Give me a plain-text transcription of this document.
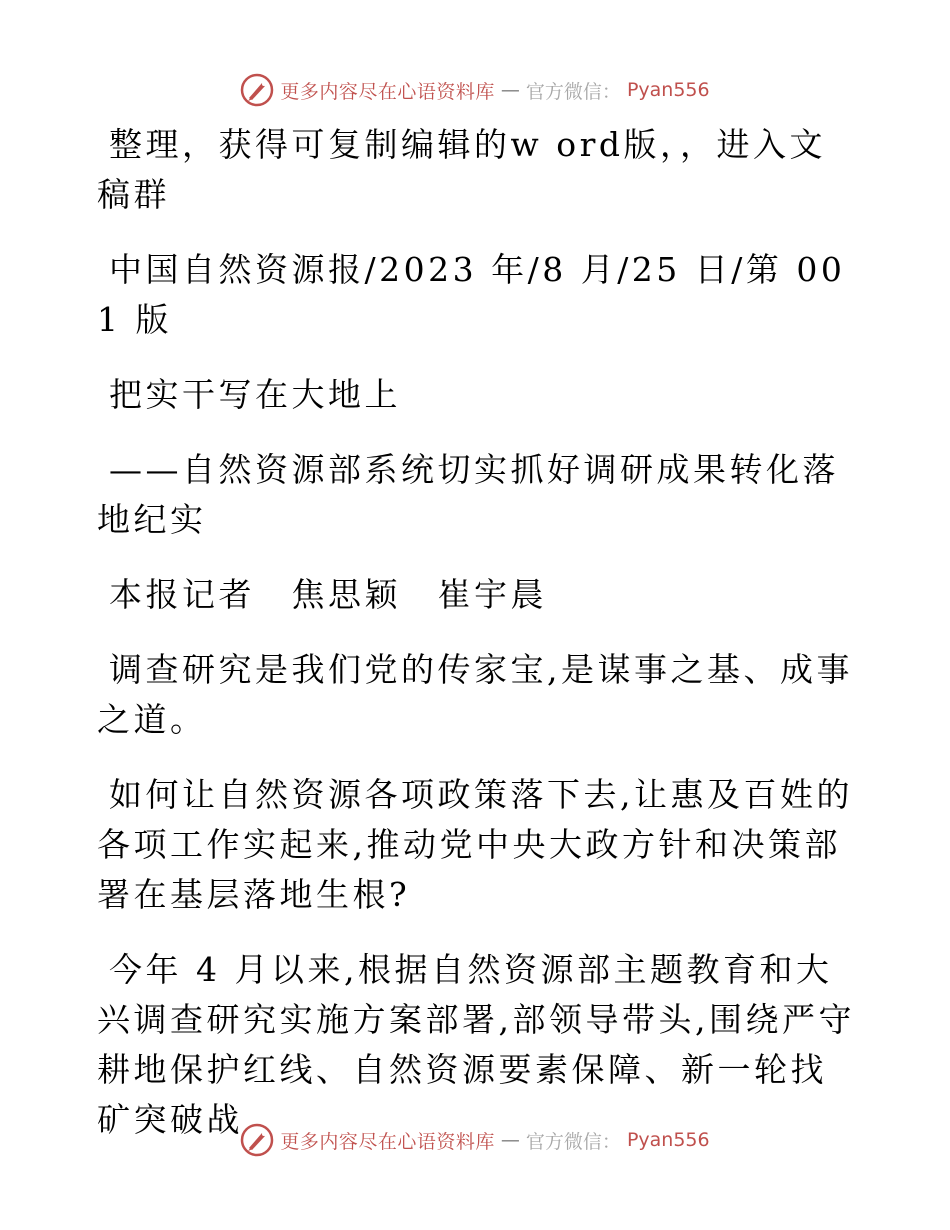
更多内容尽在心语资料库 — 官方微信： Pyan556

整理，获得可复制编辑的w ord版，，进入文稿群

中国自然资源报/2023 年/8 月/25 日/第 001 版

把实干写在大地上

——自然资源部系统切实抓好调研成果转化落地纪实

本报记者　焦思颖　崔宇晨

调查研究是我们党的传家宝,是谋事之基、成事之道。

如何让自然资源各项政策落下去,让惠及百姓的各项工作实起来,推动党中央大政方针和决策部署在基层落地生根?

今年 4 月以来,根据自然资源部主题教育和大兴调查研究实施方案部署,部领导带头,围绕严守耕地保护红线、自然资源要素保障、新一轮找矿突破战

更多内容尽在心语资料库 — 官方微信： Pyan556
